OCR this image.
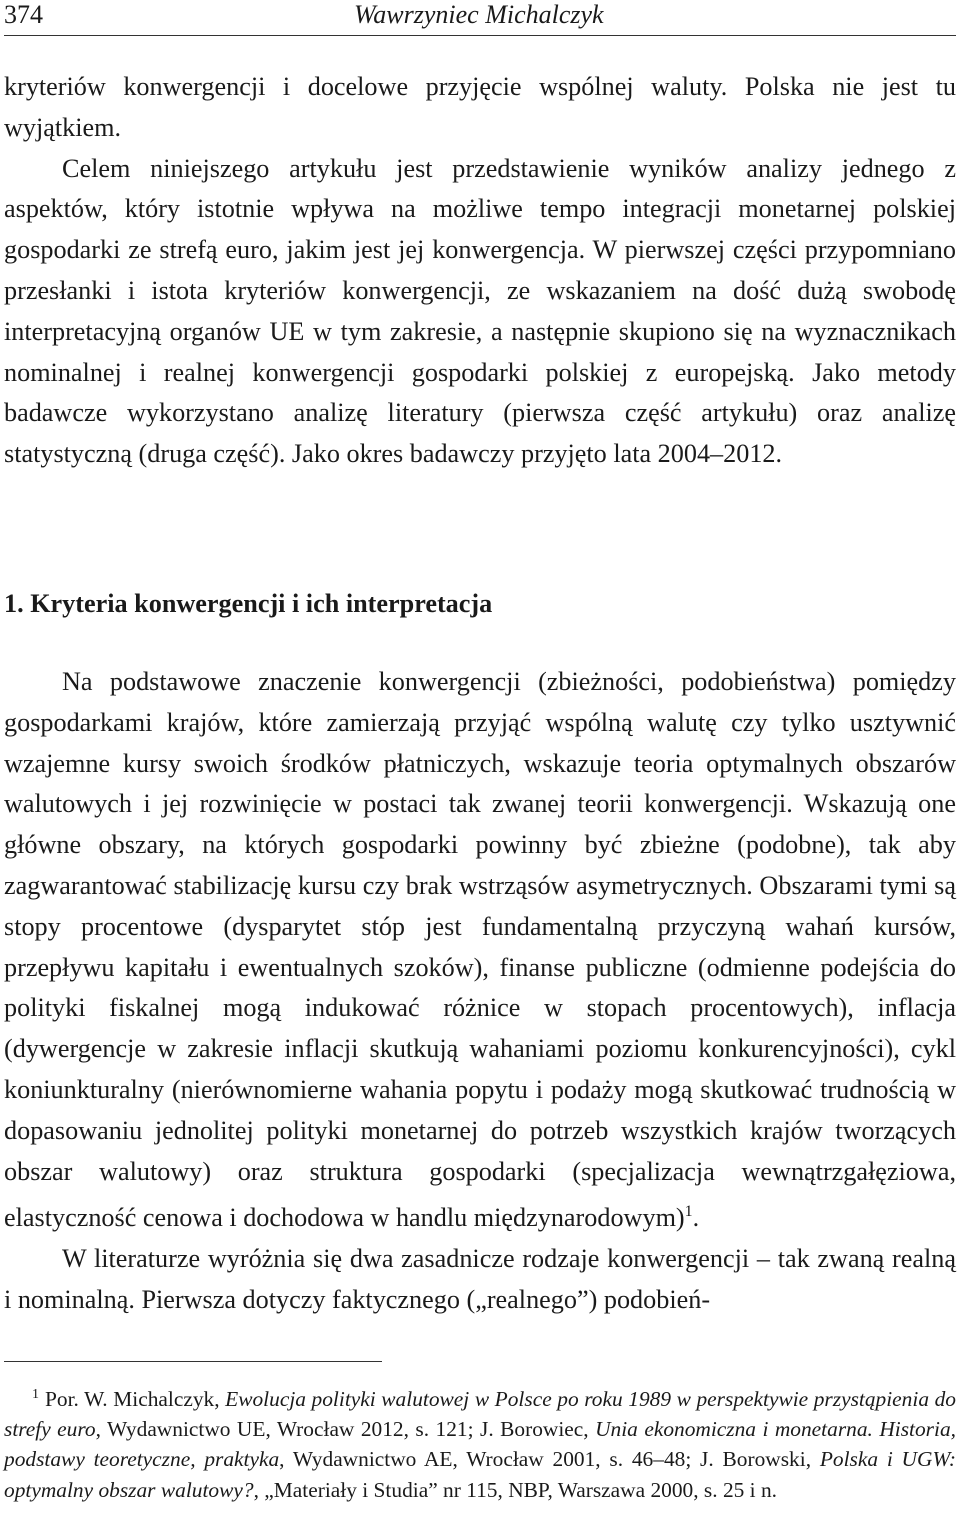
374	Wawrzyniec Michalczyk

kryteriów konwergencji i docelowe przyjęcie wspólnej waluty. Polska nie jest tu wyjątkiem.

Celem niniejszego artykułu jest przedstawienie wyników analizy jednego z aspektów, który istotnie wpływa na możliwe tempo integracji monetarnej polskiej gospodarki ze strefą euro, jakim jest jej konwergencja. W pierwszej części przypomniano przesłanki i istota kryteriów konwergencji, ze wskazaniem na dość dużą swobodę interpretacyjną organów UE w tym zakresie, a następnie skupiono się na wyznacznikach nominalnej i realnej konwergencji gospodarki polskiej z europejską. Jako metody badawcze wykorzystano analizę literatury (pierwsza część artykułu) oraz analizę statystyczną (druga część). Jako okres badawczy przyjęto lata 2004–2012.

1. Kryteria konwergencji i ich interpretacja

Na podstawowe znaczenie konwergencji (zbieżności, podobieństwa) pomiędzy gospodarkami krajów, które zamierzają przyjąć wspólną walutę czy tylko usztywnić wzajemne kursy swoich środków płatniczych, wskazuje teoria optymalnych obszarów walutowych i jej rozwinięcie w postaci tak zwanej teorii konwergencji. Wskazują one główne obszary, na których gospodarki powinny być zbieżne (podobne), tak aby zagwarantować stabilizację kursu czy brak wstrząsów asymetrycznych. Obszarami tymi są stopy procentowe (dysparytet stóp jest fundamentalną przyczyną wahań kursów, przepływu kapitału i ewentualnych szoków), finanse publiczne (odmienne podejścia do polityki fiskalnej mogą indukować różnice w stopach procentowych), inflacja (dywergencje w zakresie inflacji skutkują wahaniami poziomu konkurencyjności), cykl koniunkturalny (nierównomierne wahania popytu i podaży mogą skutkować trudnością w dopasowaniu jednolitej polityki monetarnej do potrzeb wszystkich krajów tworzących obszar walutowy) oraz struktura gospodarki (specjalizacja wewnątrzgałęziowa, elastyczność cenowa i dochodowa w handlu międzynarodowym)$^1$.

W literaturze wyróżnia się dwa zasadnicze rodzaje konwergencji – tak zwaną realną i nominalną. Pierwsza dotyczy faktycznego („realnego”) podobień-

$^1$ Por. W. Michalczyk, Ewolucja polityki walutowej w Polsce po roku 1989 w perspektywie przystąpienia do strefy euro, Wydawnictwo UE, Wrocław 2012, s. 121; J. Borowiec, Unia ekonomiczna i monetarna. Historia, podstawy teoretyczne, praktyka, Wydawnictwo AE, Wrocław 2001, s. 46–48; J. Borowski, Polska i UGW: optymalny obszar walutowy?, „Materiały i Studia” nr 115, NBP, Warszawa 2000, s. 25 i n.
